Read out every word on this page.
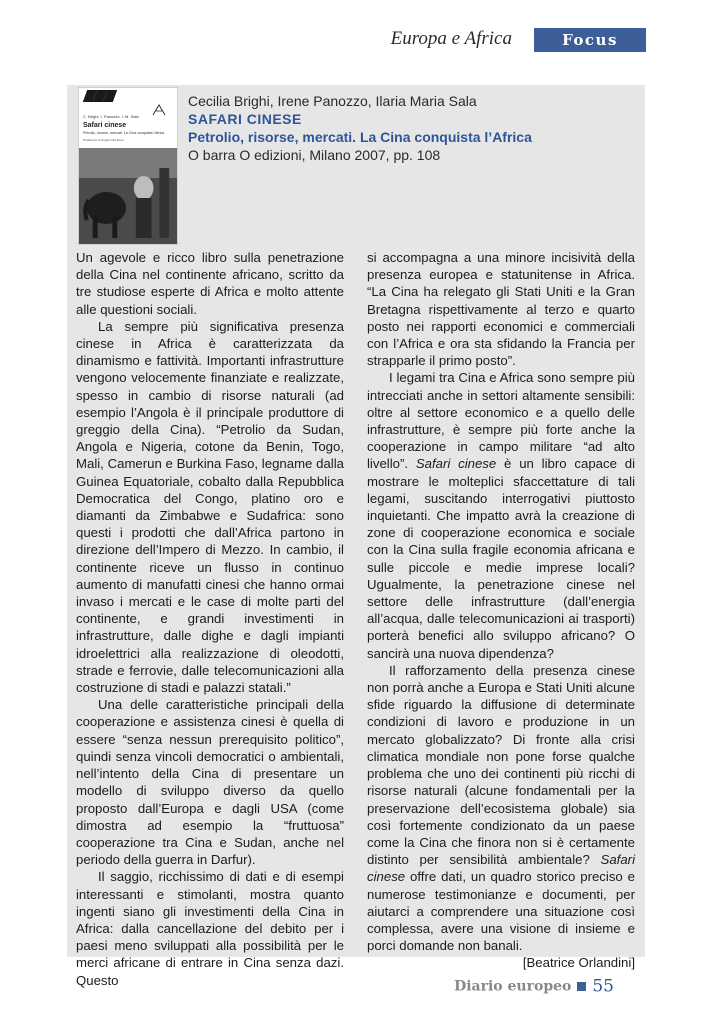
Europa e Africa	Focus
C. Brighi, I. Panozzo, I. M. Sala
Safari cinese
Petrolio, risorse, mercati. La Cina conquista l'Africa
Prefazione di Angelo Del Boca
Cecilia Brighi, Irene Panozzo, Ilaria Maria Sala
SAFARI CINESE
Petrolio, risorse, mercati. La Cina conquista l’Africa
O barra O edizioni, Milano 2007, pp. 108

Un agevole e ricco libro sulla penetrazione della Cina nel continente africano, scritto da tre studiose esperte di Africa e molto attente alle questioni sociali.

La sempre più significativa presenza cinese in Africa è caratterizzata da dinamismo e fattività. Importanti infrastrutture vengono velocemente finanziate e realizzate, spesso in cambio di risorse naturali (ad esempio l’Angola è il principale produttore di greggio della Cina). “Petrolio da Sudan, Angola e Nigeria, cotone da Benin, Togo, Mali, Camerun e Burkina Faso, legname dalla Guinea Equatoriale, cobalto dalla Repubblica Democratica del Congo, platino oro e diamanti da Zimbabwe e Sudafrica: sono questi i prodotti che dall’Africa partono in direzione dell’Impero di Mezzo. In cambio, il continente riceve un flusso in continuo aumento di manufatti cinesi che hanno ormai invaso i mercati e le case di molte parti del continente, e grandi investimenti in infrastrutture, dalle dighe e dagli impianti idroelettrici alla realizzazione di oleodotti, strade e ferrovie, dalle telecomunicazioni alla costruzione di stadi e palazzi statali.”

Una delle caratteristiche principali della cooperazione e assistenza cinesi è quella di essere “senza nessun prerequisito politico”, quindi senza vincoli democratici o ambientali, nell’intento della Cina di presentare un modello di sviluppo diverso da quello proposto dall’Europa e dagli USA (come dimostra ad esempio la “fruttuosa” cooperazione tra Cina e Sudan, anche nel periodo della guerra in Darfur).

Il saggio, ricchissimo di dati e di esempi interessanti e stimolanti, mostra quanto ingenti siano gli investimenti della Cina in Africa: dalla cancellazione del debito per i paesi meno sviluppati alla possibilità per le merci africane di entrare in Cina senza dazi. Questo

si accompagna a una minore incisività della presenza europea e statunitense in Africa. “La Cina ha relegato gli Stati Uniti e la Gran Bretagna rispettivamente al terzo e quarto posto nei rapporti economici e commerciali con l’Africa e ora sta sfidando la Francia per strapparle il primo posto”.

I legami tra Cina e Africa sono sempre più intrecciati anche in settori altamente sensibili: oltre al settore economico e a quello delle infrastrutture, è sempre più forte anche la cooperazione in campo militare “ad alto livello”. Safari cinese è un libro capace di mostrare le molteplici sfaccettature di tali legami, suscitando interrogativi piuttosto inquietanti. Che impatto avrà la creazione di zone di cooperazione economica e sociale con la Cina sulla fragile economia africana e sulle piccole e medie imprese locali? Ugualmente, la penetrazione cinese nel settore delle infrastrutture (dall’energia all’acqua, dalle telecomunicazioni ai trasporti) porterà benefici allo sviluppo africano? O sancirà una nuova dipendenza?

Il rafforzamento della presenza cinese non porrà anche a Europa e Stati Uniti alcune sfide riguardo la diffusione di determinate condizioni di lavoro e produzione in un mercato globalizzato? Di fronte alla crisi climatica mondiale non pone forse qualche problema che uno dei continenti più ricchi di risorse naturali (alcune fondamentali per la preservazione dell’ecosistema globale) sia così fortemente condizionato da un paese come la Cina che finora non si è certamente distinto per sensibilità ambientale? Safari cinese offre dati, un quadro storico preciso e numerose testimonianze e documenti, per aiutarci a comprendere una situazione così complessa, avere una visione di insieme e porci domande non banali.

[Beatrice Orlandini]

Diario europeo 55
